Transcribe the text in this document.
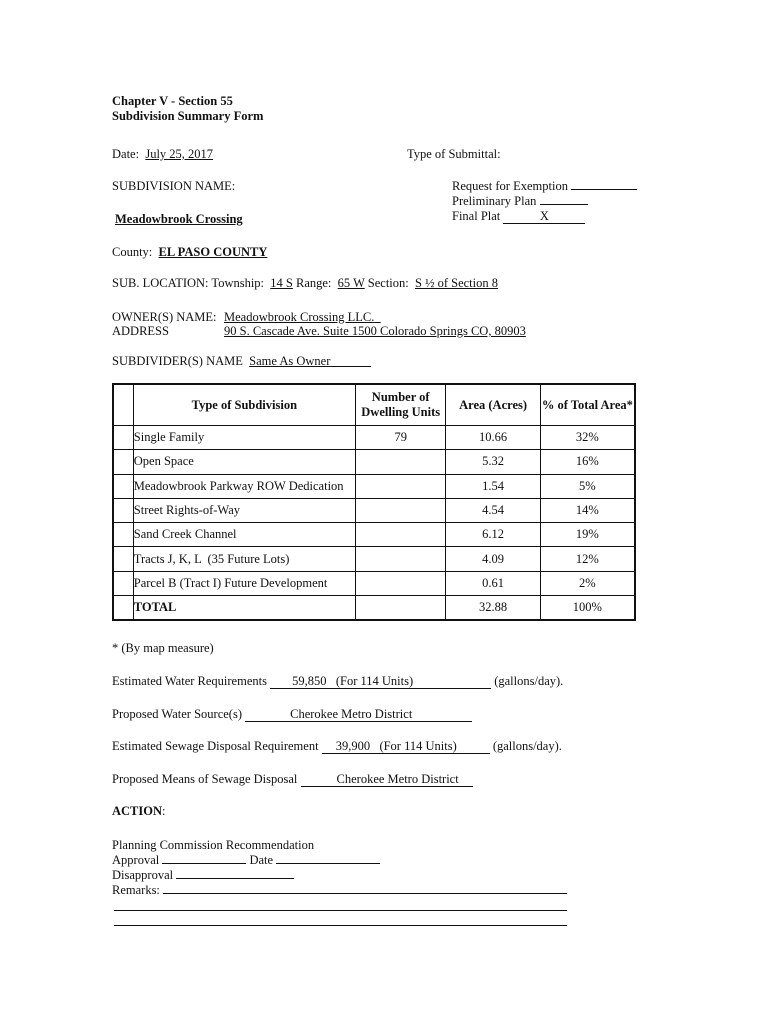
Chapter V - Section 55
Subdivision Summary Form
Date: July 25, 2017	Type of Submittal:
Request for Exemption
Preliminary Plan
Final Plat	X
SUBDIVISION NAME:
Meadowbrook Crossing
County: EL PASO COUNTY
SUB. LOCATION: Township: 14 S Range: 65 W Section: S ½ of Section 8
OWNER(S) NAME: Meadowbrook Crossing LLC.
ADDRESS	90 S. Cascade Ave. Suite 1500 Colorado Springs CO, 80903
SUBDIVIDER(S) NAME Same As Owner
	Type of Subdivision	Number of Dwelling Units	Area (Acres)	% of Total Area*
	Single Family	79	10.66	32%
	Open Space		5.32	16%
	Meadowbrook Parkway ROW Dedication		1.54	5%
	Street Rights-of-Way		4.54	14%
	Sand Creek Channel		6.12	19%
	Tracts J, K, L  (35 Future Lots)		4.09	12%
	Parcel B (Tract I) Future Development		0.61	2%
	TOTAL		32.88	100%
* (By map measure)
Estimated Water Requirements 59,850   (For 114 Units)	(gallons/day).
Proposed Water Source(s)	Cherokee Metro District
Estimated Sewage Disposal Requirement 39,900   (For 114 Units)	(gallons/day).
Proposed Means of Sewage Disposal	Cherokee Metro District
ACTION:
Planning Commission Recommendation
Approval	Date
Disapproval
Remarks:
